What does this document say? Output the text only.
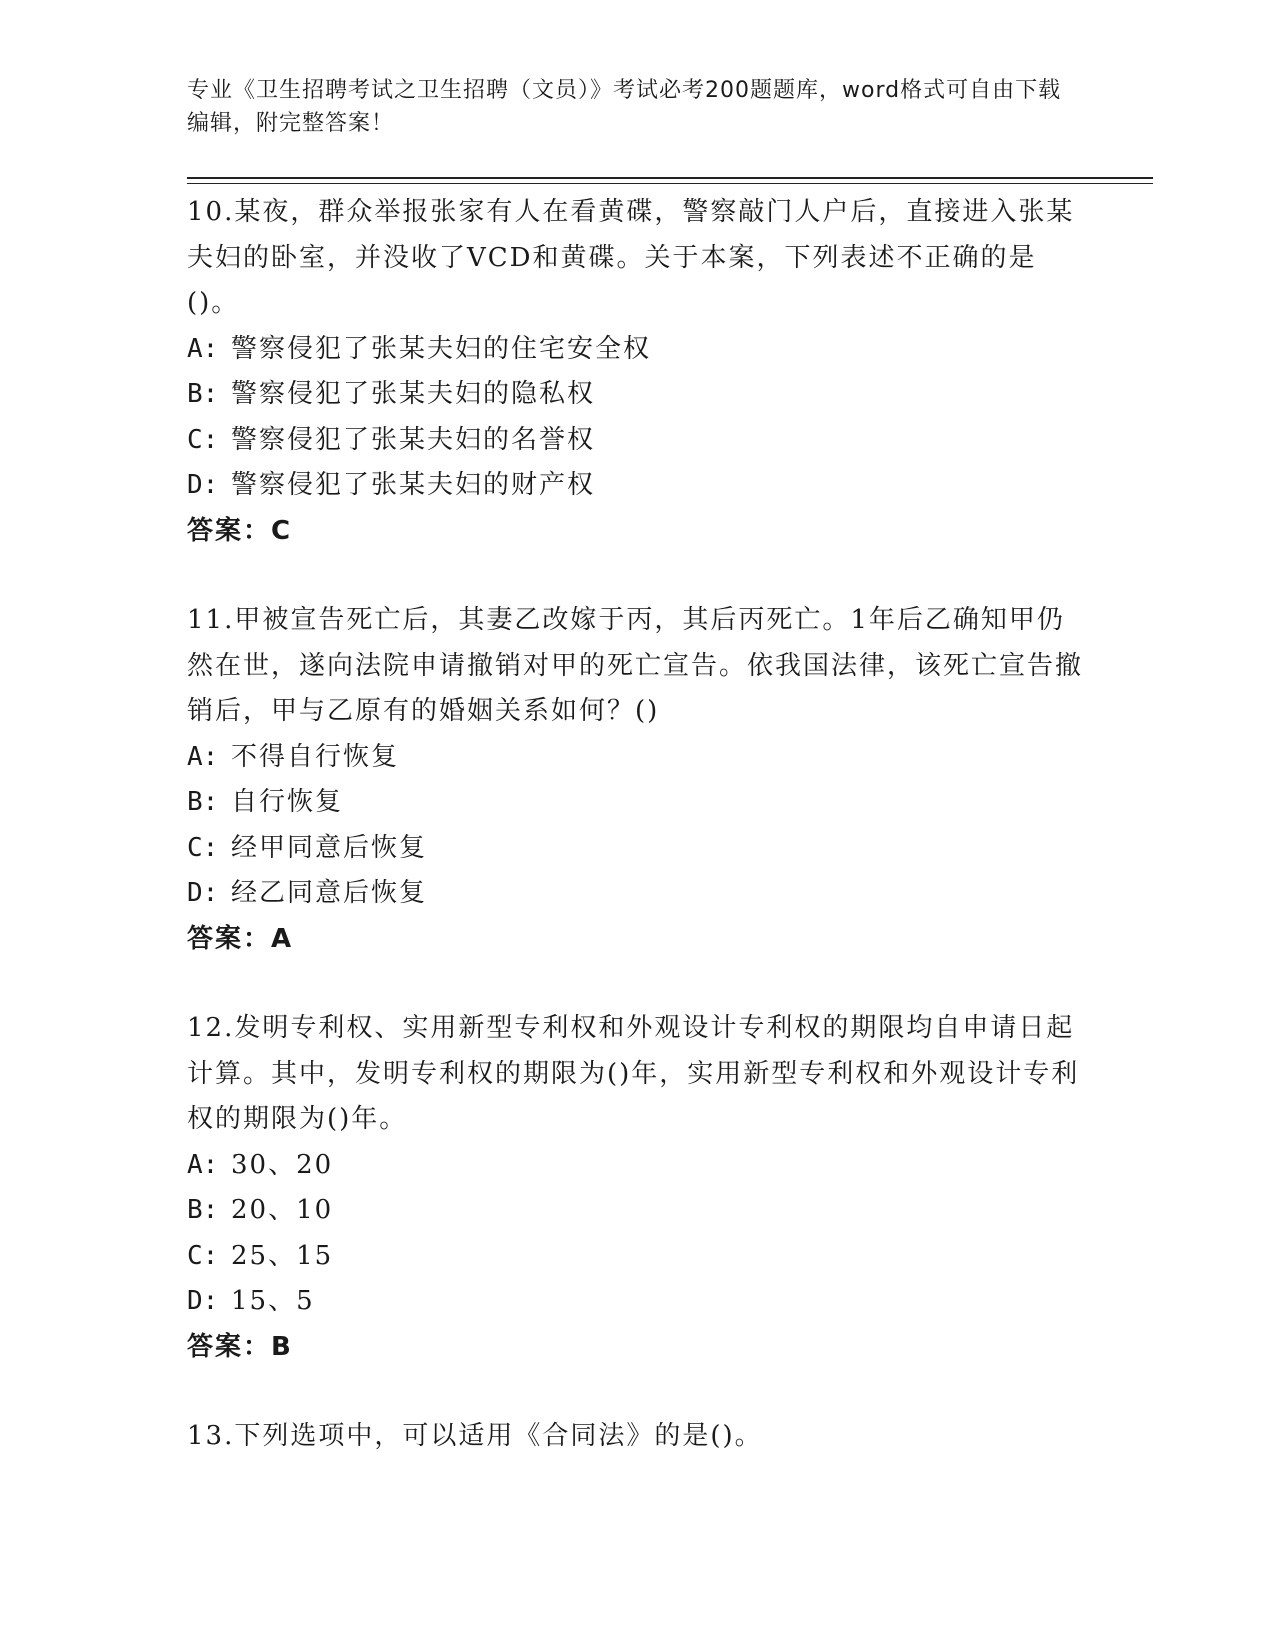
专业《卫生招聘考试之卫生招聘（文员）》考试必考200题题库，word格式可自由下载编辑，附完整答案！

10.某夜，群众举报张家有人在看黄碟，警察敲门人户后，直接进入张某夫妇的卧室，并没收了VCD和黄碟。关于本案，下列表述不正确的是()。

A: 警察侵犯了张某夫妇的住宅安全权

B: 警察侵犯了张某夫妇的隐私权

C: 警察侵犯了张某夫妇的名誉权

D: 警察侵犯了张某夫妇的财产权

答案：C

11.甲被宣告死亡后，其妻乙改嫁于丙，其后丙死亡。1年后乙确知甲仍然在世，遂向法院申请撤销对甲的死亡宣告。依我国法律，该死亡宣告撤销后，甲与乙原有的婚姻关系如何？()

A: 不得自行恢复

B: 自行恢复

C: 经甲同意后恢复

D: 经乙同意后恢复

答案：A

12.发明专利权、实用新型专利权和外观设计专利权的期限均自申请日起计算。其中，发明专利权的期限为()年，实用新型专利权和外观设计专利权的期限为()年。

A: 30、20

B: 20、10

C: 25、15

D: 15、5

答案：B

13.下列选项中，可以适用《合同法》的是()。
